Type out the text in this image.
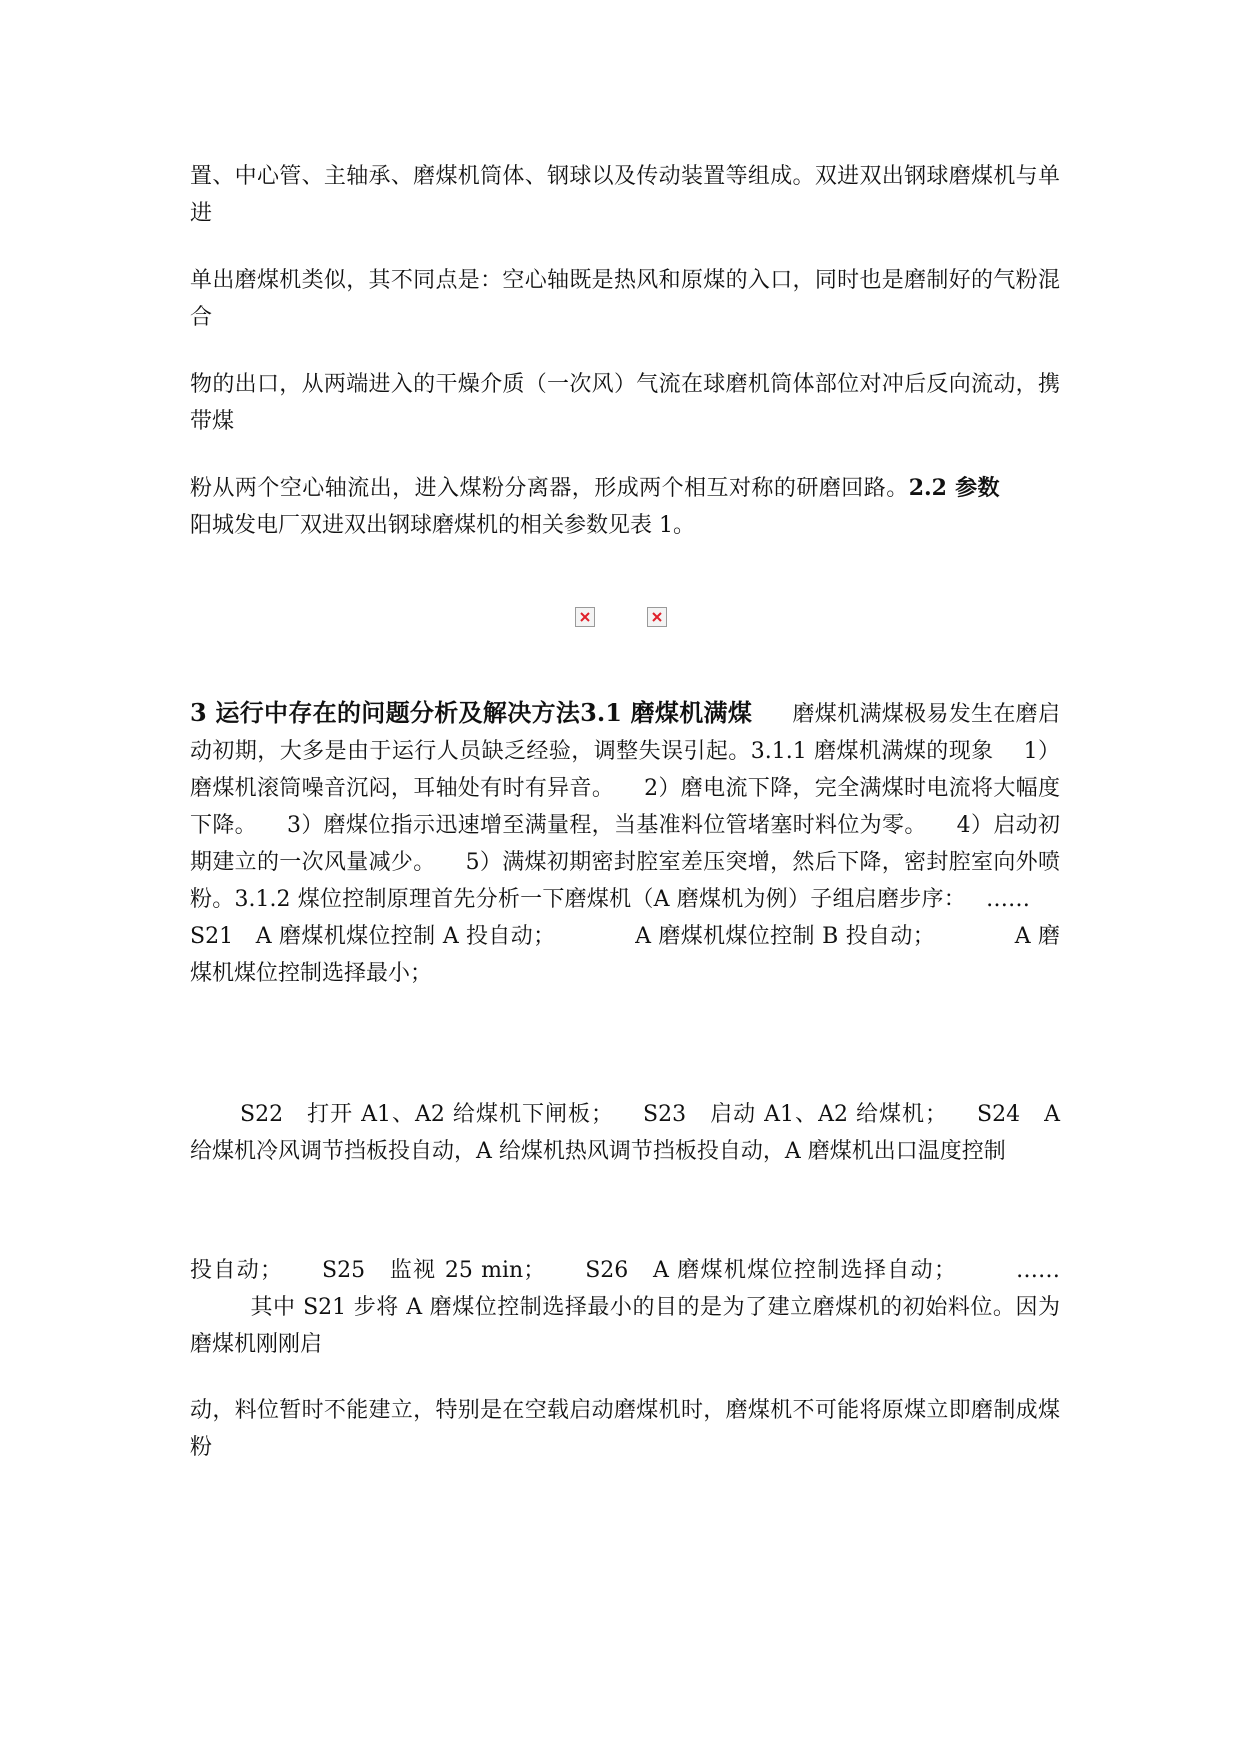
置、中心管、主轴承、磨煤机筒体、钢球以及传动装置等组成。双进双出钢球磨煤机与单进

单出磨煤机类似，其不同点是：空心轴既是热风和原煤的入口，同时也是磨制好的气粉混合

物的出口，从两端进入的干燥介质（一次风）气流在球磨机筒体部位对冲后反向流动，携带煤

粉从两个空心轴流出，进入煤粉分离器，形成两个相互对称的研磨回路。2.2 参数阳城发电厂双进双出钢球磨煤机的相关参数见表 1。

3 运行中存在的问题分析及解决方法3.1 磨煤机满煤 磨煤机满煤极易发生在磨启动初期，大多是由于运行人员缺乏经验，调整失误引起。3.1.1 磨煤机满煤的现象 1）磨煤机滚筒噪音沉闷，耳轴处有时有异音。 2）磨电流下降，完全满煤时电流将大幅度下降。 3）磨煤位指示迅速增至满量程，当基准料位管堵塞时料位为零。 4）启动初期建立的一次风量减少。 5）满煤初期密封腔室差压突增，然后下降，密封腔室向外喷粉。3.1.2 煤位控制原理首先分析一下磨煤机（A 磨煤机为例）子组启磨步序： ……S21　A 磨煤机煤位控制 A 投自动；	A 磨煤机煤位控制 B 投自动；	A 磨煤机煤位控制选择最小；

S22　打开 A1、A2 给煤机下闸板； S23　启动 A1、A2 给煤机； S24　A 给煤机冷风调节挡板投自动，A 给煤机热风调节挡板投自动，A 磨煤机出口温度控制

投自动； S25　监视 25 min； S26　A 磨煤机煤位控制选择自动；	……其中 S21 步将 A 磨煤位控制选择最小的目的是为了建立磨煤机的初始料位。因为磨煤机刚刚启

动，料位暂时不能建立，特别是在空载启动磨煤机时，磨煤机不可能将原煤立即磨制成煤粉
